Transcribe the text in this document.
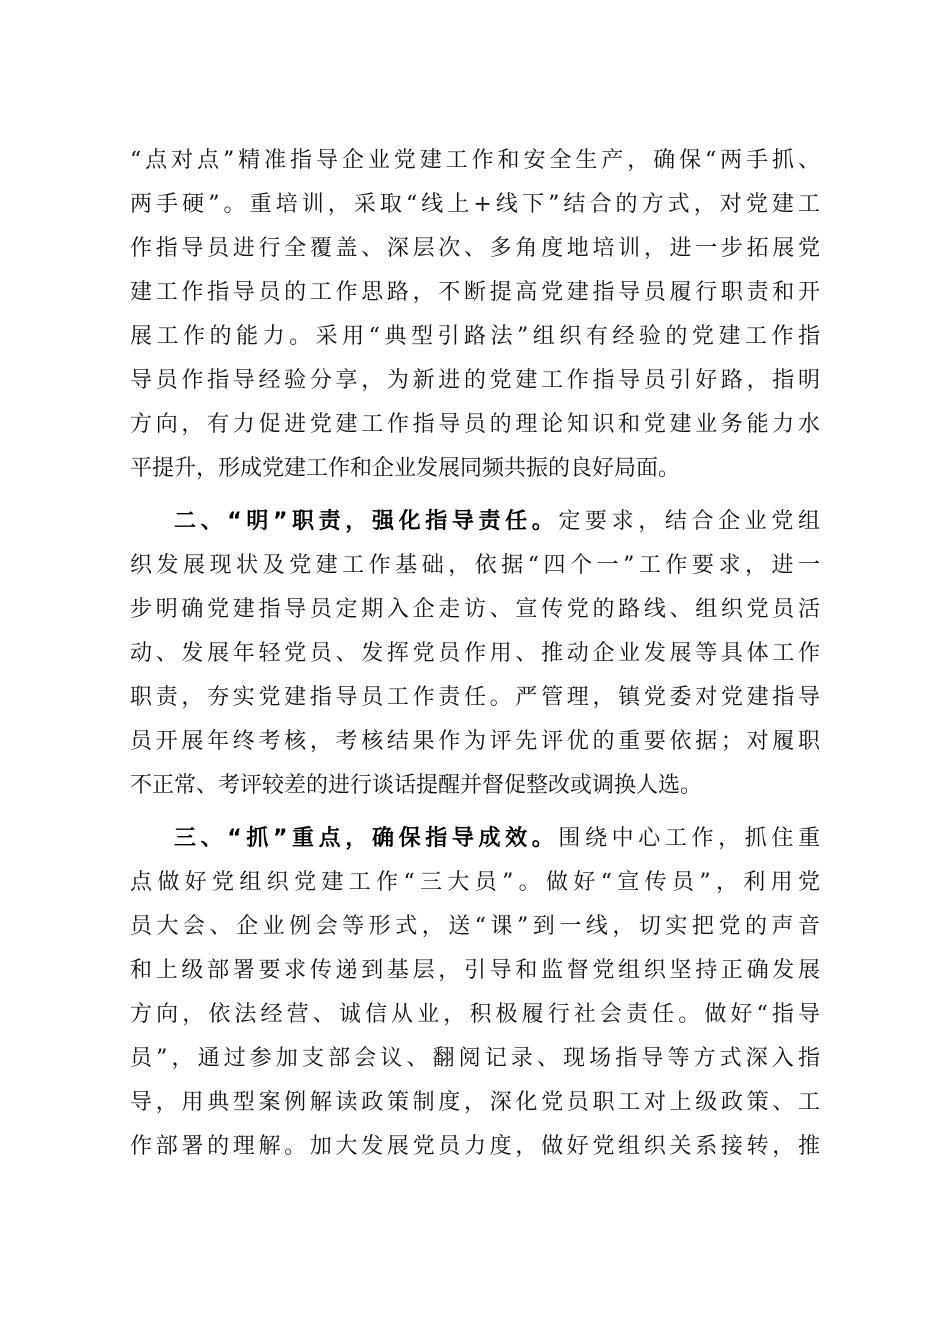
“点对点”精准指导企业党建工作和安全生产，确保“两手抓、
两手硬”。重培训，采取“线上+线下”结合的方式，对党建工
作指导员进行全覆盖、深层次、多角度地培训，进一步拓展党
建工作指导员的工作思路，不断提高党建指导员履行职责和开
展工作的能力。采用“典型引路法”组织有经验的党建工作指
导员作指导经验分享，为新进的党建工作指导员引好路，指明
方向，有力促进党建工作指导员的理论知识和党建业务能力水
平提升，形成党建工作和企业发展同频共振的良好局面。
二、“明”职责，强化指导责任。定要求，结合企业党组
织发展现状及党建工作基础，依据“四个一”工作要求，进一
步明确党建指导员定期入企走访、宣传党的路线、组织党员活
动、发展年轻党员、发挥党员作用、推动企业发展等具体工作
职责，夯实党建指导员工作责任。严管理，镇党委对党建指导
员开展年终考核，考核结果作为评先评优的重要依据；对履职
不正常、考评较差的进行谈话提醒并督促整改或调换人选。
三、“抓”重点，确保指导成效。围绕中心工作，抓住重
点做好党组织党建工作“三大员”。做好“宣传员”，利用党
员大会、企业例会等形式，送“课”到一线，切实把党的声音
和上级部署要求传递到基层，引导和监督党组织坚持正确发展
方向，依法经营、诚信从业，积极履行社会责任。做好“指导
员”，通过参加支部会议、翻阅记录、现场指导等方式深入指
导，用典型案例解读政策制度，深化党员职工对上级政策、工
作部署的理解。加大发展党员力度，做好党组织关系接转，推
